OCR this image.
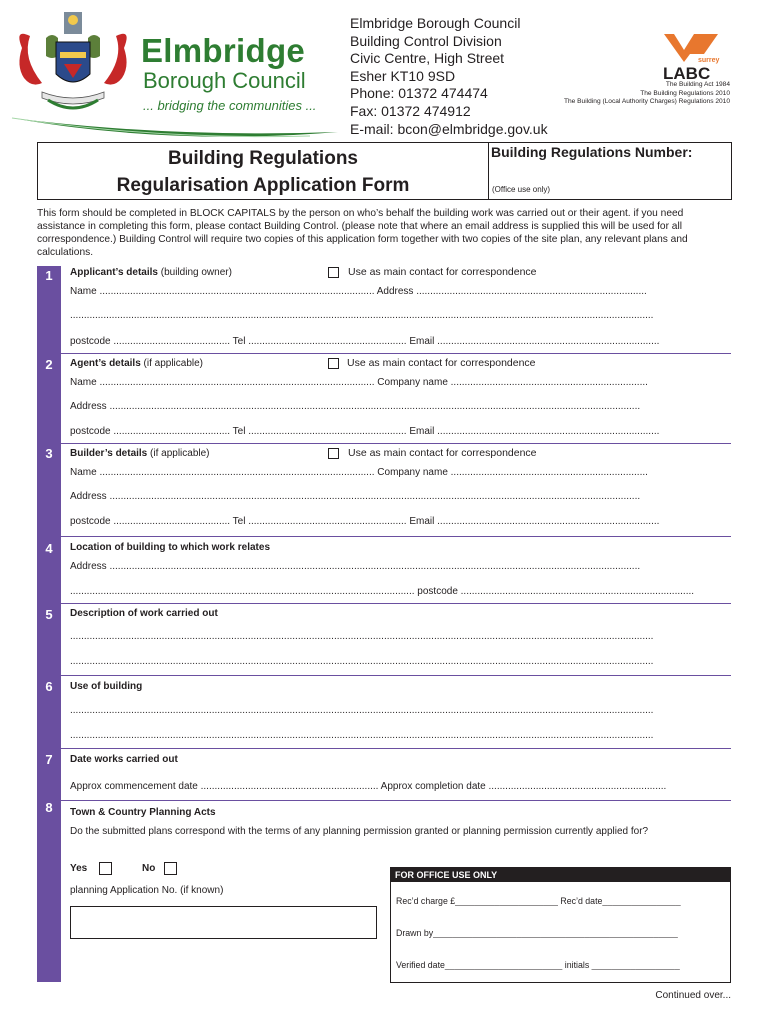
Elmbridge
Borough Council
... bridging the communities ...
Elmbridge Borough Council
Building Control Division
Civic Centre, High Street
Esher KT10 9SD
Phone: 01372 474474
Fax: 01372 474912
E-mail: bcon@elmbridge.gov.uk
surrey
LABC
The Building Act 1984
The Building Regulations 2010
The Building (Local Authority Charges) Regulations 2010
Building Regulations
Regularisation Application Form
Building Regulations Number:
(Office use only)
This form should be completed in BLOCK CAPITALS by the person on who’s behalf the building work was carried out or their agent. if you need assistance in completing this form, please contact Building Control. (please note that where an email address is supplied this will be used for all correspondence.) Building Control will require two copies of this application form together with two copies of the site plan, any relevant plans and calculations.
1	Applicant’s details (building owner)	Use as main contact for correspondence
Name ................................................................................................... Address ...................................................................................
..................................................................................................................................................................................................................
postcode .......................................... Tel ......................................................... Email ................................................................................
2	Agent’s details (if applicable)	Use as main contact for correspondence
Name ................................................................................................... Company name .......................................................................
Address ...............................................................................................................................................................................................
postcode .......................................... Tel ......................................................... Email ................................................................................
3	Builder’s details (if applicable)	Use as main contact for correspondence
Name ................................................................................................... Company name .......................................................................
Address ...............................................................................................................................................................................................
postcode .......................................... Tel ......................................................... Email ................................................................................
4	Location of building to which work relates
Address ...............................................................................................................................................................................................
............................................................................................................................ postcode ....................................................................................
5	Description of work carried out
..................................................................................................................................................................................................................
..................................................................................................................................................................................................................
6	Use of building
..................................................................................................................................................................................................................
..................................................................................................................................................................................................................
7	Date works carried out
Approx commencement date ................................................................ Approx completion date ................................................................
8	Town & Country Planning Acts
Do the submitted plans correspond with the terms of any planning permission granted or planning permission currently applied for?
Yes	No
planning Application No. (if known)
FOR OFFICE USE ONLY
Rec’d charge £_____________________ Rec’d date________________
Drawn by__________________________________________________
Verified date________________________ initials __________________
Continued over...
